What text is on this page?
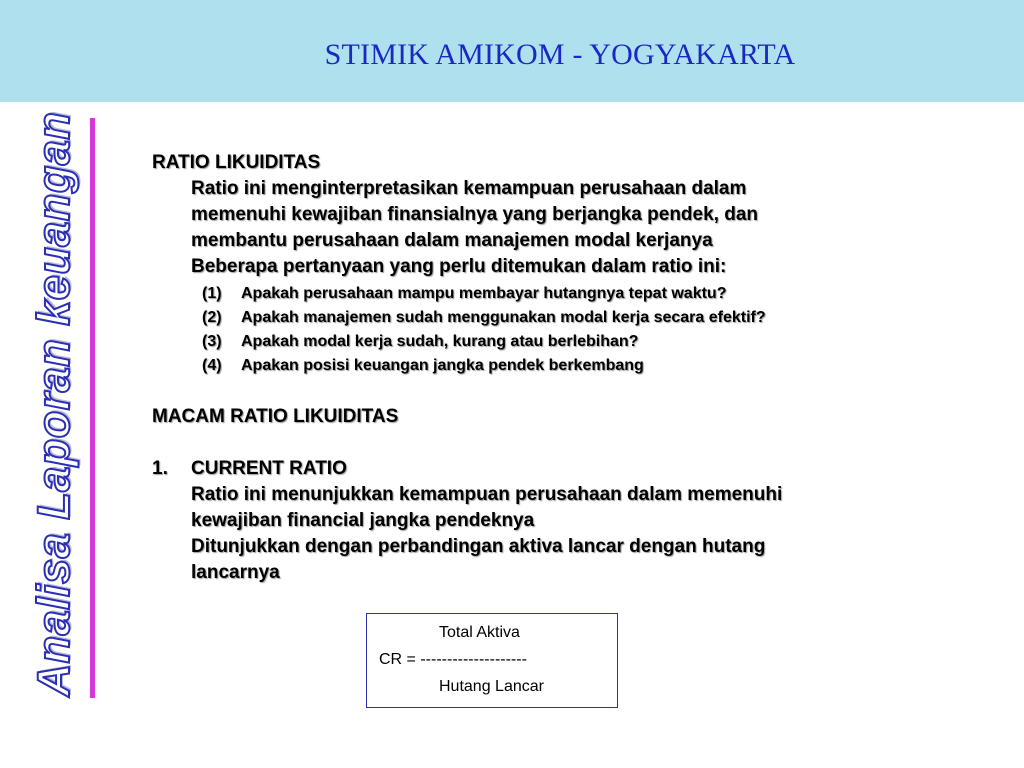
STIMIK AMIKOM - YOGYAKARTA
Analisa Laporan keuangan	RATIO LIKUIDITAS

Ratio ini menginterpretasikan kemampuan perusahaan dalam

memenuhi kewajiban finansialnya yang berjangka pendek, dan

membantu perusahaan dalam manajemen modal kerjanya

Beberapa pertanyaan yang perlu ditemukan dalam ratio ini:

(1)	Apakah perusahaan mampu membayar hutangnya tepat waktu?
(2)	Apakah manajemen sudah menggunakan modal kerja secara efektif?
(3)	Apakah modal kerja sudah, kurang atau berlebihan?
(4)	Apakan posisi keuangan jangka pendek berkembang

MACAM RATIO LIKUIDITAS

1.	CURRENT RATIO

Ratio ini menunjukkan kemampuan perusahaan dalam memenuhi

kewajiban financial jangka pendeknya

Ditunjukkan dengan perbandingan aktiva lancar dengan hutang

lancarnya

Total Aktiva
CR = --------------------
Hutang Lancar
